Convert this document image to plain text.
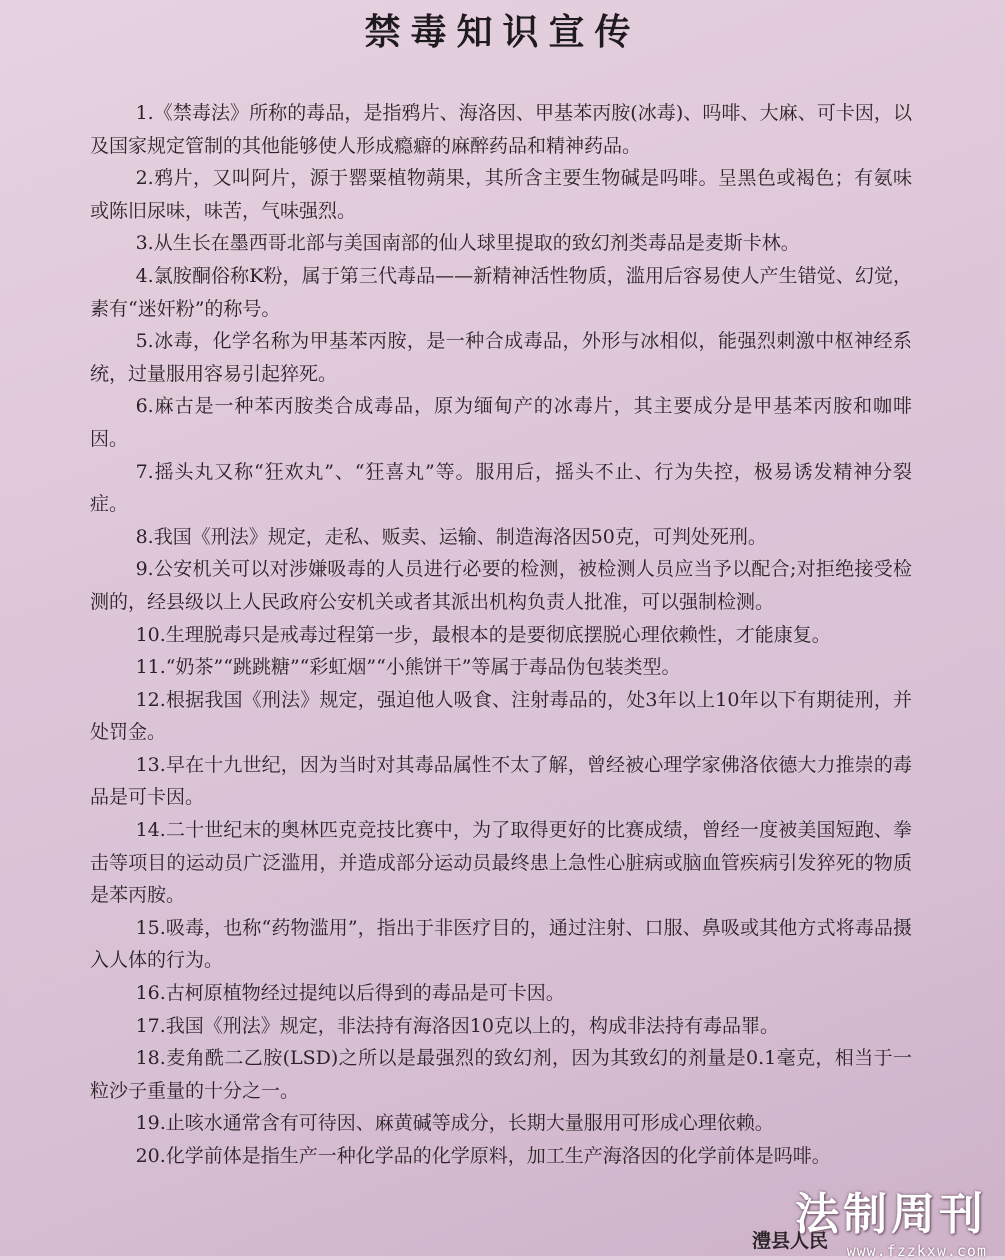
禁毒知识宣传
1.《禁毒法》所称的毒品，是指鸦片、海洛因、甲基苯丙胺(冰毒)、吗啡、大麻、可卡因，以及国家规定管制的其他能够使人形成瘾癖的麻醉药品和精神药品。
2.鸦片，又叫阿片，源于罂粟植物蒴果，其所含主要生物碱是吗啡。呈黑色或褐色；有氨味或陈旧尿味，味苦，气味强烈。
3.从生长在墨西哥北部与美国南部的仙人球里提取的致幻剂类毒品是麦斯卡林。
4.氯胺酮俗称K粉，属于第三代毒品——新精神活性物质，滥用后容易使人产生错觉、幻觉，素有“迷奸粉”的称号。
5.冰毒，化学名称为甲基苯丙胺，是一种合成毒品，外形与冰相似，能强烈刺激中枢神经系统，过量服用容易引起猝死。
6.麻古是一种苯丙胺类合成毒品，原为缅甸产的冰毒片，其主要成分是甲基苯丙胺和咖啡因。
7.摇头丸又称“狂欢丸”、“狂喜丸”等。服用后，摇头不止、行为失控，极易诱发精神分裂症。
8.我国《刑法》规定，走私、贩卖、运输、制造海洛因50克，可判处死刑。
9.公安机关可以对涉嫌吸毒的人员进行必要的检测，被检测人员应当予以配合;对拒绝接受检测的，经县级以上人民政府公安机关或者其派出机构负责人批准，可以强制检测。
10.生理脱毒只是戒毒过程第一步，最根本的是要彻底摆脱心理依赖性，才能康复。
11.“奶茶”“跳跳糖”“彩虹烟”“小熊饼干”等属于毒品伪包装类型。
12.根据我国《刑法》规定，强迫他人吸食、注射毒品的，处3年以上10年以下有期徒刑，并处罚金。
13.早在十九世纪，因为当时对其毒品属性不太了解，曾经被心理学家佛洛依德大力推崇的毒品是可卡因。
14.二十世纪末的奥林匹克竞技比赛中，为了取得更好的比赛成绩，曾经一度被美国短跑、拳击等项目的运动员广泛滥用，并造成部分运动员最终患上急性心脏病或脑血管疾病引发猝死的物质是苯丙胺。
15.吸毒，也称“药物滥用”，指出于非医疗目的，通过注射、口服、鼻吸或其他方式将毒品摄入人体的行为。
16.古柯原植物经过提纯以后得到的毒品是可卡因。
17.我国《刑法》规定，非法持有海洛因10克以上的，构成非法持有毒品罪。
18.麦角酰二乙胺(LSD)之所以是最强烈的致幻剂，因为其致幻的剂量是0.1毫克，相当于一粒沙子重量的十分之一。
19.止咳水通常含有可待因、麻黄碱等成分，长期大量服用可形成心理依赖。
20.化学前体是指生产一种化学品的化学原料，加工生产海洛因的化学前体是吗啡。
澧县人民
法制周刊
www.fzzkxw.com
